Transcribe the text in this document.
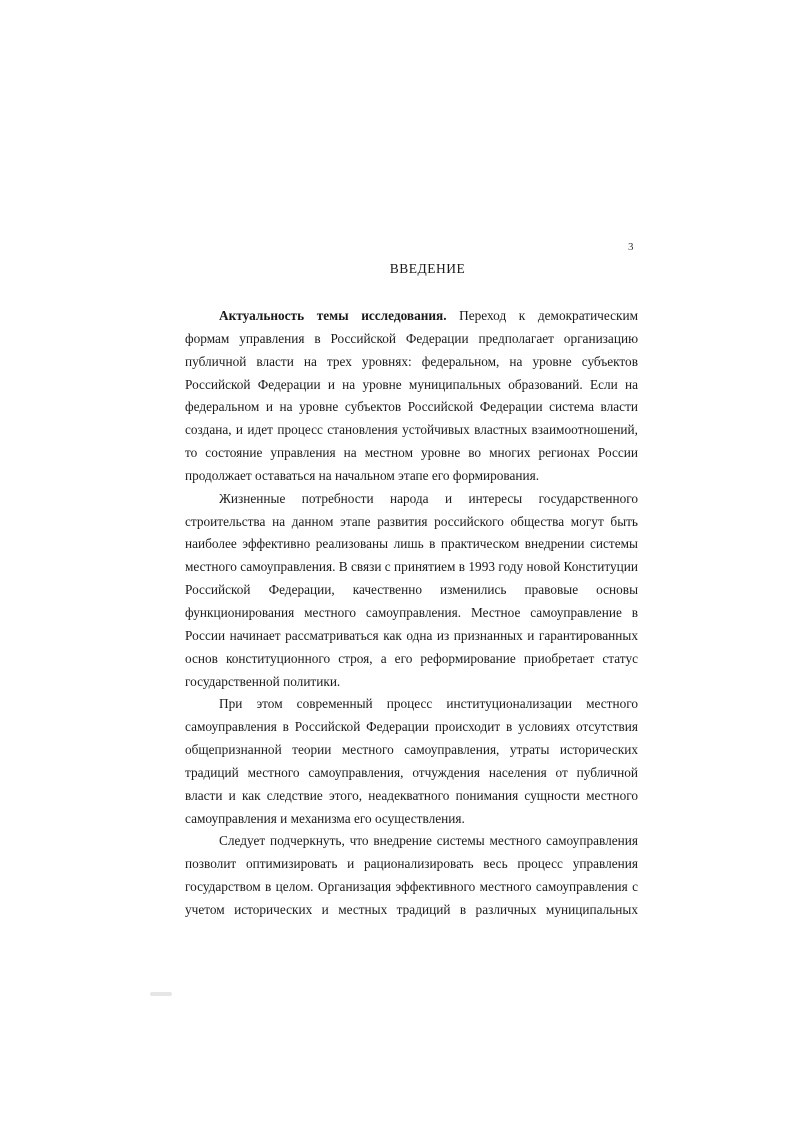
3
ВВЕДЕНИЕ

Актуальность темы исследования. Переход к демократическим формам управления в Российской Федерации предполагает организацию публичной власти на трех уровнях: федеральном, на уровне субъектов Российской Федерации и на уровне муниципальных образований. Если на федеральном и на уровне субъектов Российской Федерации система власти создана, и идет процесс становления устойчивых властных взаимоотношений, то состояние управления на местном уровне во многих регионах России продолжает оставаться на начальном этапе его формирования.

Жизненные потребности народа и интересы государственного строительства на данном этапе развития российского общества могут быть наиболее эффективно реализованы лишь в практическом внедрении системы местного самоуправления. В связи с принятием в 1993 году новой Конституции Российской Федерации, качественно изменились правовые основы функционирования местного самоуправления. Местное самоуправление в России начинает рассматриваться как одна из признанных и гарантированных основ конституционного строя, а его реформирование приобретает статус государственной политики.

При этом современный процесс институционализации местного самоуправления в Российской Федерации происходит в условиях отсутствия общепризнанной теории местного самоуправления, утраты исторических традиций местного самоуправления, отчуждения населения от публичной власти и как следствие этого, неадекватного понимания сущности местного самоуправления и механизма его осуществления.

Следует подчеркнуть, что внедрение системы местного самоуправления позволит оптимизировать и рационализировать весь процесс управления государством в целом. Организация эффективного местного самоуправления с учетом исторических и местных традиций в различных муниципальных
